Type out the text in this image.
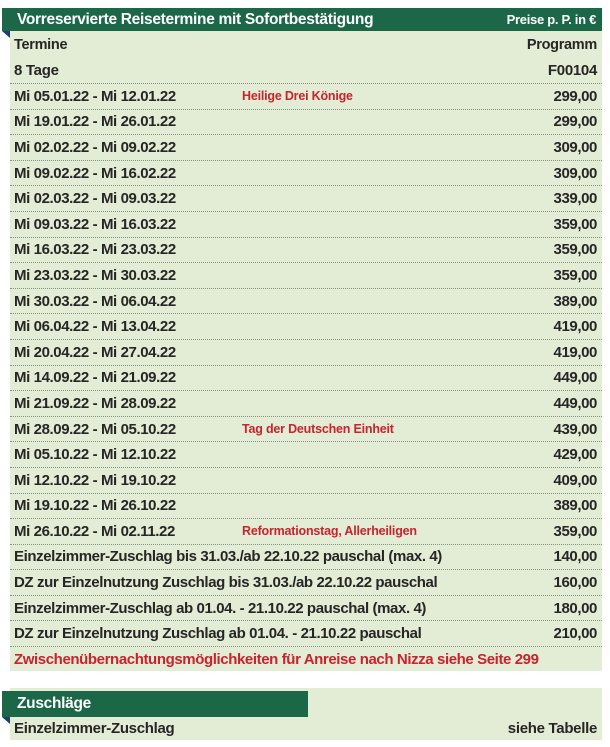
Vorreservierte Reisetermine mit Sofortbestätigung	Preise p. P. in €
Termine	Programm
8 Tage	F00104
Mi 05.01.22 - Mi 12.01.22	Heilige Drei Könige	299,00
Mi 19.01.22 - Mi 26.01.22	299,00
Mi 02.02.22 - Mi 09.02.22	309,00
Mi 09.02.22 - Mi 16.02.22	309,00
Mi 02.03.22 - Mi 09.03.22	339,00
Mi 09.03.22 - Mi 16.03.22	359,00
Mi 16.03.22 - Mi 23.03.22	359,00
Mi 23.03.22 - Mi 30.03.22	359,00
Mi 30.03.22 - Mi 06.04.22	389,00
Mi 06.04.22 - Mi 13.04.22	419,00
Mi 20.04.22 - Mi 27.04.22	419,00
Mi 14.09.22 - Mi 21.09.22	449,00
Mi 21.09.22 - Mi 28.09.22	449,00
Mi 28.09.22 - Mi 05.10.22	Tag der Deutschen Einheit	439,00
Mi 05.10.22 - Mi 12.10.22	429,00
Mi 12.10.22 - Mi 19.10.22	409,00
Mi 19.10.22 - Mi 26.10.22	389,00
Mi 26.10.22 - Mi 02.11.22	Reformationstag, Allerheiligen	359,00
Einzelzimmer-Zuschlag bis 31.03./ab 22.10.22 pauschal (max. 4)	140,00
DZ zur Einzelnutzung Zuschlag bis 31.03./ab 22.10.22 pauschal	160,00
Einzelzimmer-Zuschlag ab 01.04. - 21.10.22 pauschal (max. 4)	180,00
DZ zur Einzelnutzung Zuschlag ab 01.04. - 21.10.22 pauschal	210,00
Zwischenübernachtungsmöglichkeiten für Anreise nach Nizza siehe Seite 299
Einzelzimmer-Zuschlag	siehe Tabelle
Zuschläge
